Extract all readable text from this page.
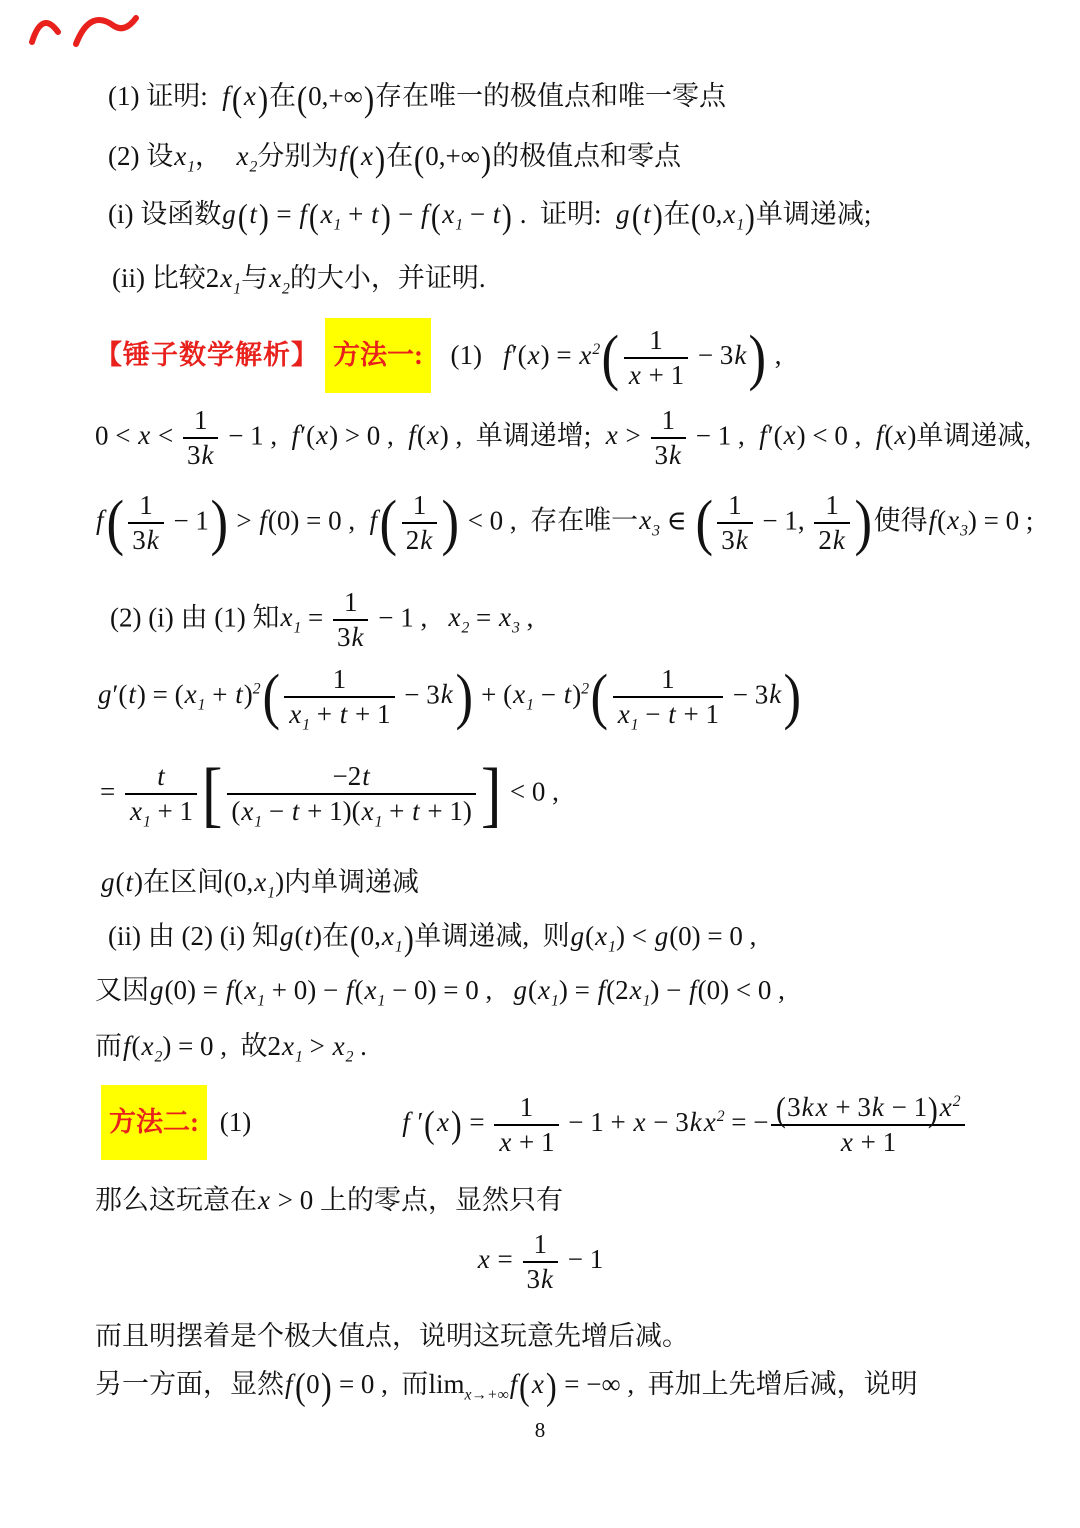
(1) 证明:  f(x)在(0,+∞)存在唯一的极值点和唯一零点
(2) 设$x_1$，  $x_2$分别为f(x)在(0,+∞)的极值点和零点
(i) 设函数$g(t) = f(x_1 + t) - f(x_1 - t)$ .  证明:  g(t)在$(0,x_1)$单调递减;
(ii) 比较$2x_1$与$x_2$的大小，并证明.
【锤子数学解析】 方法一:  (1)   $f'(x) = x^2( \frac{1}{x + 1} - 3k)$ ,
$0 < x < \frac{1}{3k} - 1$ ,  f′(x) > 0 ,  f(x) ,  单调递增;  $x > \frac{1}{3k} - 1$ ,  f′(x) < 0 ,  f(x)单调递减,
$f( \frac{1}{3k} - 1) > f(0) = 0$ ,  $f( \frac{1}{2k}$ ) < 0 ,  存在唯一$x_3$ ∈ ( $\frac{1}{3k} - 1$, $\frac{1}{2k}$ )使得$f(x_3) = 0$ ;
(2) (i) 由 (1) 知$x_1 = \frac{1}{3k} - 1$ ,   $x_2 = x_3$ ,
$g'(t) = (x_1 + t)^2( \frac{1}{x_1 + t + 1} - 3k) + (x_1 - t)^2( \frac{1}{x_1 - t + 1} - 3k)$
= $\frac{t}{x_1 + 1}$ [ $\frac{-2t}{(x_1 - t + 1)(x_1 + t + 1)}$ ] < 0 ,
g(t)在区间$(0,x_1)$内单调递减
(ii) 由 (2) (i) 知g(t)在$(0,x_1)$单调递减,  则$g(x_1) < g(0) = 0$ ,
又因$g(0) = f(x_1 + 0) - f(x_1 - 0) = 0$ ,   $g(x_1) = f(2x_1) - f(0) < 0$ ,
而$f(x_2) = 0$ ,  故$2x_1 > x_2$ .
方法二: (1)	f $'(x) = \frac{1}{x + 1} - 1 + x - 3kx^2$ = − $\frac{(3kx + 3k - 1)x^2}{x + 1}$
那么这玩意在x > 0 上的零点，显然只有
$x = \frac{1}{3k} - 1$
而且明摆着是个极大值点，说明这玩意先增后减。
另一方面，显然f(0) = 0 ,  而$\lim_{x\to+\infty}f(x)$ = −∞ ,  再加上先增后减，说明
8
